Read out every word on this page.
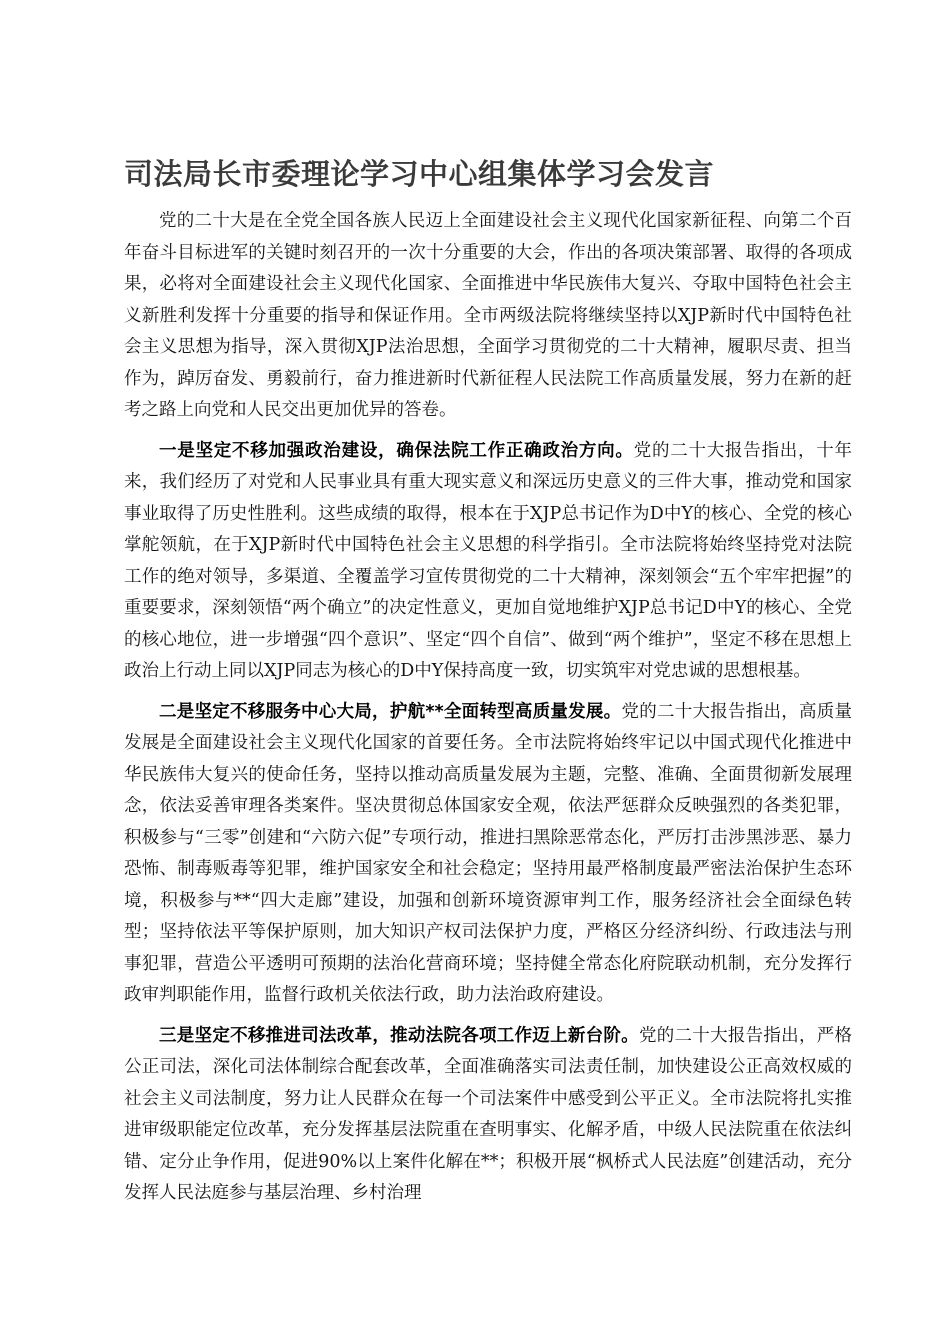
司法局长市委理论学习中心组集体学习会发言

党的二十大是在全党全国各族人民迈上全面建设社会主义现代化国家新征程、向第二个百年奋斗目标进军的关键时刻召开的一次十分重要的大会，作出的各项决策部署、取得的各项成果，必将对全面建设社会主义现代化国家、全面推进中华民族伟大复兴、夺取中国特色社会主义新胜利发挥十分重要的指导和保证作用。全市两级法院将继续坚持以XJP新时代中国特色社会主义思想为指导，深入贯彻XJP法治思想，全面学习贯彻党的二十大精神，履职尽责、担当作为，踔厉奋发、勇毅前行，奋力推进新时代新征程人民法院工作高质量发展，努力在新的赶考之路上向党和人民交出更加优异的答卷。

一是坚定不移加强政治建设，确保法院工作正确政治方向。党的二十大报告指出，十年来，我们经历了对党和人民事业具有重大现实意义和深远历史意义的三件大事，推动党和国家事业取得了历史性胜利。这些成绩的取得，根本在于XJP总书记作为D中Y的核心、全党的核心掌舵领航，在于XJP新时代中国特色社会主义思想的科学指引。全市法院将始终坚持党对法院工作的绝对领导，多渠道、全覆盖学习宣传贯彻党的二十大精神，深刻领会“五个牢牢把握”的重要要求，深刻领悟“两个确立”的决定性意义，更加自觉地维护XJP总书记D中Y的核心、全党的核心地位，进一步增强“四个意识”、坚定“四个自信”、做到“两个维护”，坚定不移在思想上政治上行动上同以XJP同志为核心的D中Y保持高度一致，切实筑牢对党忠诚的思想根基。

二是坚定不移服务中心大局，护航**全面转型高质量发展。党的二十大报告指出，高质量发展是全面建设社会主义现代化国家的首要任务。全市法院将始终牢记以中国式现代化推进中华民族伟大复兴的使命任务，坚持以推动高质量发展为主题，完整、准确、全面贯彻新发展理念，依法妥善审理各类案件。坚决贯彻总体国家安全观，依法严惩群众反映强烈的各类犯罪，积极参与“三零”创建和“六防六促”专项行动，推进扫黑除恶常态化，严厉打击涉黑涉恶、暴力恐怖、制毒贩毒等犯罪，维护国家安全和社会稳定；坚持用最严格制度最严密法治保护生态环境，积极参与**“四大走廊”建设，加强和创新环境资源审判工作，服务经济社会全面绿色转型；坚持依法平等保护原则，加大知识产权司法保护力度，严格区分经济纠纷、行政违法与刑事犯罪，营造公平透明可预期的法治化营商环境；坚持健全常态化府院联动机制，充分发挥行政审判职能作用，监督行政机关依法行政，助力法治政府建设。

三是坚定不移推进司法改革，推动法院各项工作迈上新台阶。党的二十大报告指出，严格公正司法，深化司法体制综合配套改革，全面准确落实司法责任制，加快建设公正高效权威的社会主义司法制度，努力让人民群众在每一个司法案件中感受到公平正义。全市法院将扎实推进审级职能定位改革，充分发挥基层法院重在查明事实、化解矛盾，中级人民法院重在依法纠错、定分止争作用，促进90%以上案件化解在**；积极开展“枫桥式人民法庭”创建活动，充分发挥人民法庭参与基层治理、乡村治理
